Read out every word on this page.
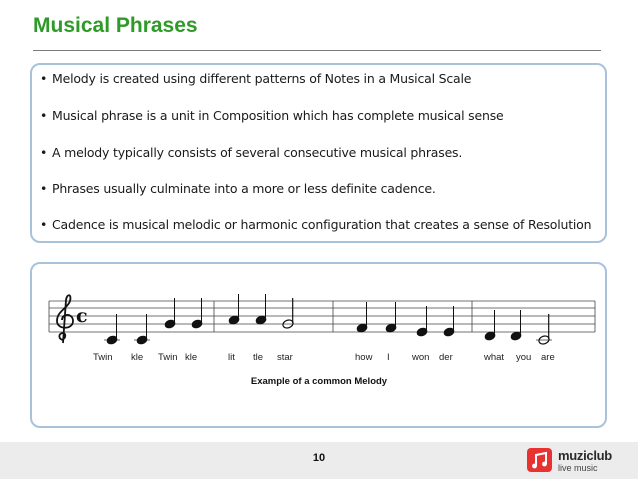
Musical Phrases
• Melody is created using different patterns of Notes in a Musical Scale
• Musical phrase is a unit in Composition which has complete musical sense
• A melody typically consists of several consecutive musical phrases.
• Phrases usually culminate into a more or less definite cadence.
• Cadence is musical melodic or harmonic configuration that creates a sense of Resolution
c
Twin kle Twin kle	lit tle star	how I won der	what you are
Example of a common Melody
10	muziclub
live music
